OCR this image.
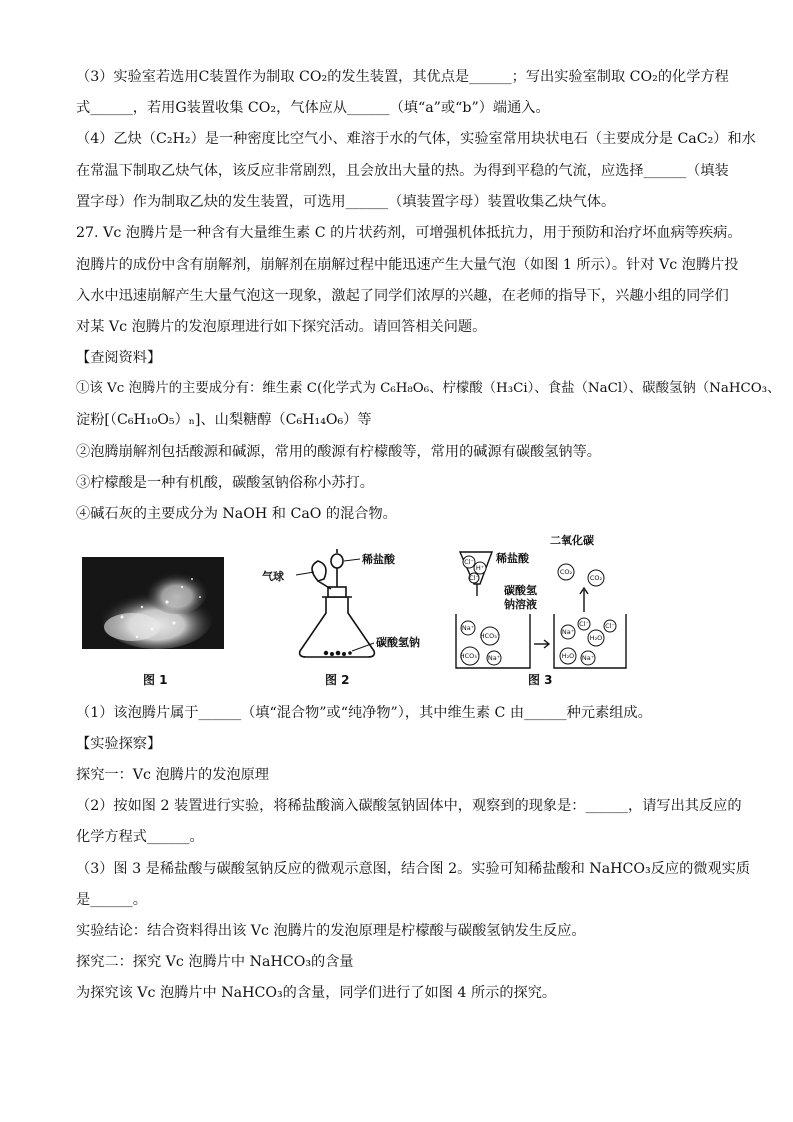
（3）实验室若选用C装置作为制取 CO₂的发生装置，其优点是______；写出实验室制取 CO₂的化学方程
式______，若用G装置收集 CO₂，气体应从______（填“a”或“b”）端通入。
（4）乙炔（C₂H₂）是一种密度比空气小、难溶于水的气体，实验室常用块状电石（主要成分是 CaC₂）和水
在常温下制取乙炔气体，该反应非常剧烈，且会放出大量的热。为得到平稳的气流，应选择______（填装
置字母）作为制取乙炔的发生装置，可选用______（填装置字母）装置收集乙炔气体。
27. Vc 泡腾片是一种含有大量维生素 C 的片状药剂，可增强机体抵抗力，用于预防和治疗坏血病等疾病。
泡腾片的成份中含有崩解剂，崩解剂在崩解过程中能迅速产生大量气泡（如图 1 所示）。针对 Vc 泡腾片投
入水中迅速崩解产生大量气泡这一现象，激起了同学们浓厚的兴趣，在老师的指导下，兴趣小组的同学们
对某 Vc 泡腾片的发泡原理进行如下探究活动。请回答相关问题。
【查阅资料】
①该 Vc 泡腾片的主要成分有：维生素 C(化学式为 C₆H₈O₆、柠檬酸（H₃Ci）、食盐（NaCl）、碳酸氢钠（NaHCO₃、
淀粉[（C₆H₁₀O₅）ₙ]、山梨糖醇（C₆H₁₄O₆）等
②泡腾崩解剂包括酸源和碱源，常用的酸源有柠檬酸等，常用的碱源有碳酸氢钠等。
③柠檬酸是一种有机酸，碳酸氢钠俗称小苏打。
④碱石灰的主要成分为 NaOH 和 CaO 的混合物。
图 1
气球
稀盐酸
碳酸氢钠
图 2
Cl⁻
H⁺
Cl⁻
稀盐酸
二氧化碳
碳酸氢
钠溶液
CO₂
CO₂
Na⁺
HCO₃⁻
HCO₃⁻ Na⁺
Na⁺
Cl⁻
H₂O
H₂O Na⁺
Cl⁻
图 3
（1）该泡腾片属于______（填“混合物”或“纯净物”），其中维生素 C 由______种元素组成。
【实验探察】
探究一：Vc 泡腾片的发泡原理
（2）按如图 2 装置进行实验，将稀盐酸滴入碳酸氢钠固体中，观察到的现象是：______，请写出其反应的
化学方程式______。
（3）图 3 是稀盐酸与碳酸氢钠反应的微观示意图，结合图 2。实验可知稀盐酸和 NaHCO₃反应的微观实质
是______。
实验结论：结合资料得出该 Vc 泡腾片的发泡原理是柠檬酸与碳酸氢钠发生反应。
探究二：探究 Vc 泡腾片中 NaHCO₃的含量
为探究该 Vc 泡腾片中 NaHCO₃的含量，同学们进行了如图 4 所示的探究。
